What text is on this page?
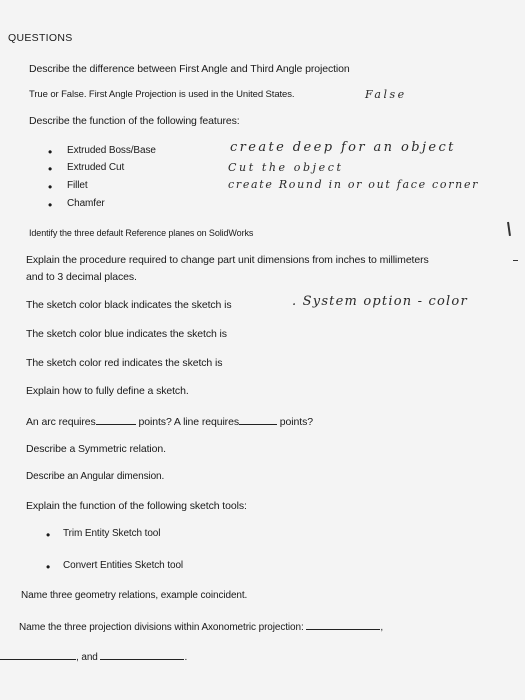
QUESTIONS
Describe the difference between First Angle and Third Angle projection
True or False. First Angle Projection is used in the United States.	False
Describe the function of the following features:
• Extruded Boss/Base	create deep for an object
• Extruded Cut	Cut the object
• Fillet	create Round in or out face corner
• Chamfer
Identify the three default Reference planes on SolidWorks
Explain the procedure required to change part unit dimensions from inches to millimeters
and to 3 decimal places.
The sketch color black indicates the sketch is	. System option - color
The sketch color blue indicates the sketch is
The sketch color red indicates the sketch is
Explain how to fully define a sketch.
An arc requires	points? A line requires	points?
Describe a Symmetric relation.
Describe an Angular dimension.
Explain the function of the following sketch tools:
• Trim Entity Sketch tool
• Convert Entities Sketch tool
Name three geometry relations, example coincident.
Name the three projection divisions within Axonometric projection:	,
, and	.
